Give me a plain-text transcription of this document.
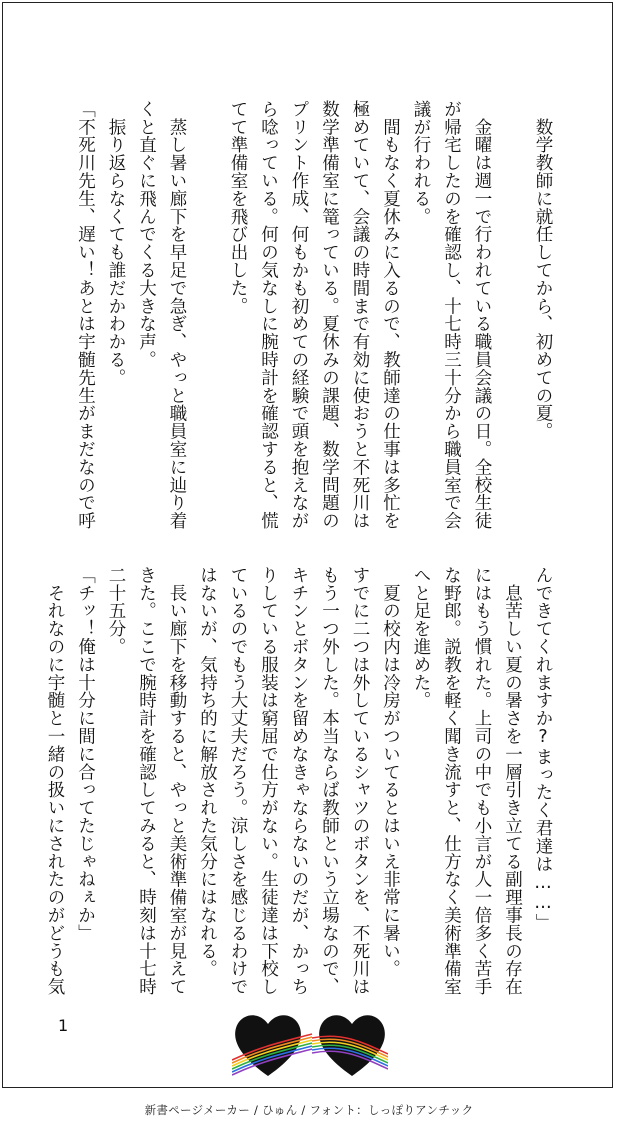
　数学教師に就任してから、初めての夏。

　金曜は週一で行われている職員会議の日。全校生徒
が帰宅したのを確認し、十七時三十分から職員室で会
議が行われる。
　間もなく夏休みに入るので、教師達の仕事は多忙を
極めていて、会議の時間まで有効に使おうと不死川は
数学準備室に篭っている。夏休みの課題、数学問題の
プリント作成、何もかも初めての経験で頭を抱えなが
ら唸っている。何の気なしに腕時計を確認すると、慌
てて準備室を飛び出した。

　蒸し暑い廊下を早足で急ぎ、やっと職員室に辿り着
くと直ぐに飛んでくる大きな声。
　振り返らなくても誰だかわかる。
「不死川先生、遅い！あとは宇髄先生がまだなので呼
んできてくれますか?まったく君達は……」
　息苦しい夏の暑さを一層引き立てる副理事長の存在
にはもう慣れた。上司の中でも小言が人一倍多く苦手
な野郎。説教を軽く聞き流すと、仕方なく美術準備室
へと足を進めた。
　夏の校内は冷房がついてるとはいえ非常に暑い。
すでに二つは外しているシャツのボタンを、不死川は
もう一つ外した。本当ならば教師という立場なので、
キチンとボタンを留めなきゃならないのだが、かっち
りしている服装は窮屈で仕方がない。生徒達は下校し
ているのでもう大丈夫だろう。涼しさを感じるわけで
はないが、気持ち的に解放された気分にはなれる。
　長い廊下を移動すると、やっと美術準備室が見えて
きた。ここで腕時計を確認してみると、時刻は十七時
二十五分。
「チッ！俺は十分に間に合ってたじゃねぇか」
　それなのに宇髄と一緒の扱いにされたのがどうも気
1
新書ページメーカー / ひゅん / フォント：しっぽりアンチック
